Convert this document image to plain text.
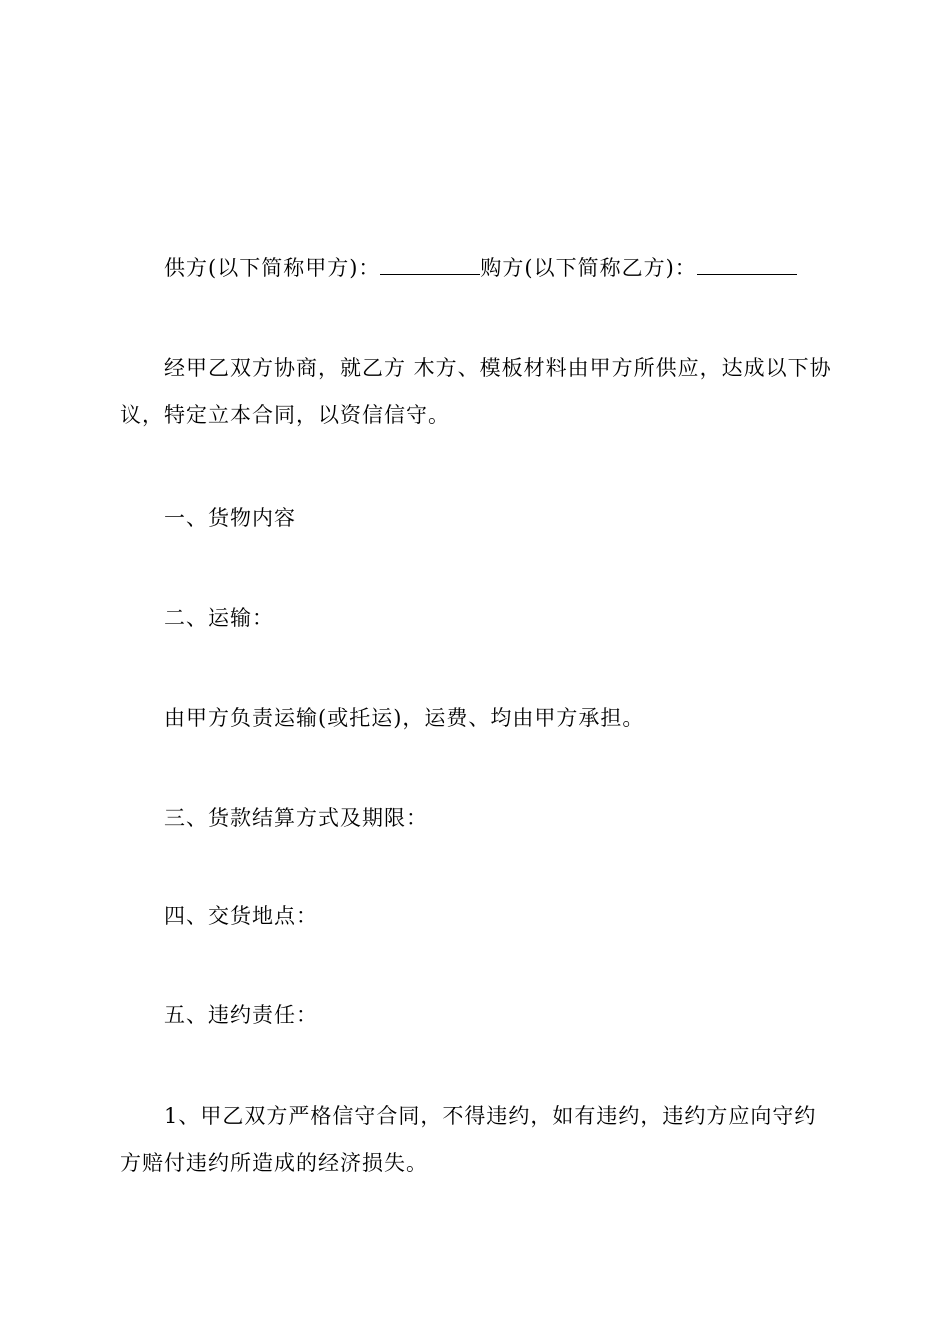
供方(以下简称甲方)：	购方(以下简称乙方)：

经甲乙双方协商，就乙方 木方、模板材料由甲方所供应，达成以下协议，特定立本合同，以资信信守。

一、货物内容

二、运输：

由甲方负责运输(或托运)，运费、均由甲方承担。

三、货款结算方式及期限：

四、交货地点：

五、违约责任：

1、甲乙双方严格信守合同，不得违约，如有违约，违约方应向守约方赔付违约所造成的经济损失。
